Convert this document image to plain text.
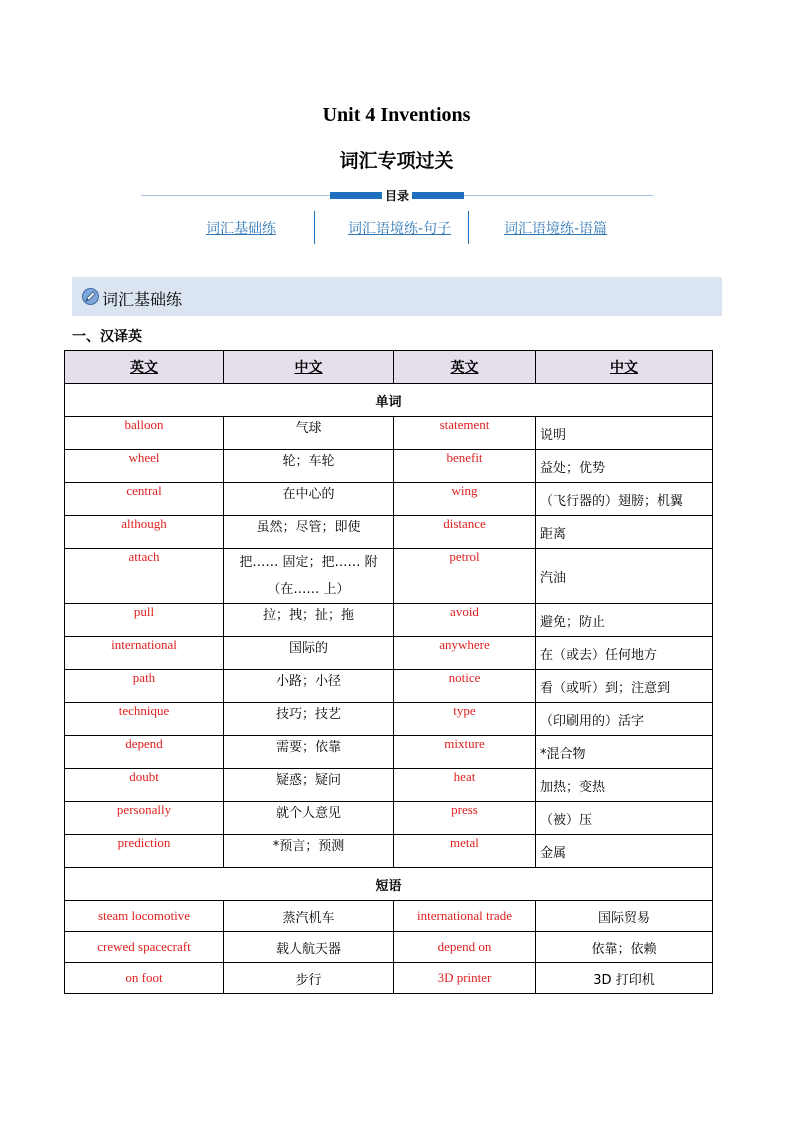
Unit 4 Inventions
词汇专项过关
目录
词汇基础练	词汇语境练-句子	词汇语境练-语篇
词汇基础练
一、汉译英
英文	中文	英文	中文
单词			
balloon	气球	statement	说明
wheel	轮；车轮	benefit	益处；优势
central	在中心的	wing	（飞行器的）翅膀；机翼
although	虽然；尽管；即使	distance	距离
attach	把…… 固定；把…… 附（在…… 上）	petrol	汽油
pull	拉；拽；扯；拖	avoid	避免；防止
international	国际的	anywhere	在（或去）任何地方
path	小路；小径	notice	看（或听）到；注意到
technique	技巧；技艺	type	（印刷用的）活字
depend	需要；依靠	mixture	*混合物
doubt	疑惑；疑问	heat	加热；变热
personally	就个人意见	press	（被）压
prediction	*预言；预测	metal	金属
短语			
steam locomotive	蒸汽机车	international trade	国际贸易
crewed spacecraft	载人航天器	depend on	依靠；依赖
on foot	步行	3D printer	3D 打印机
